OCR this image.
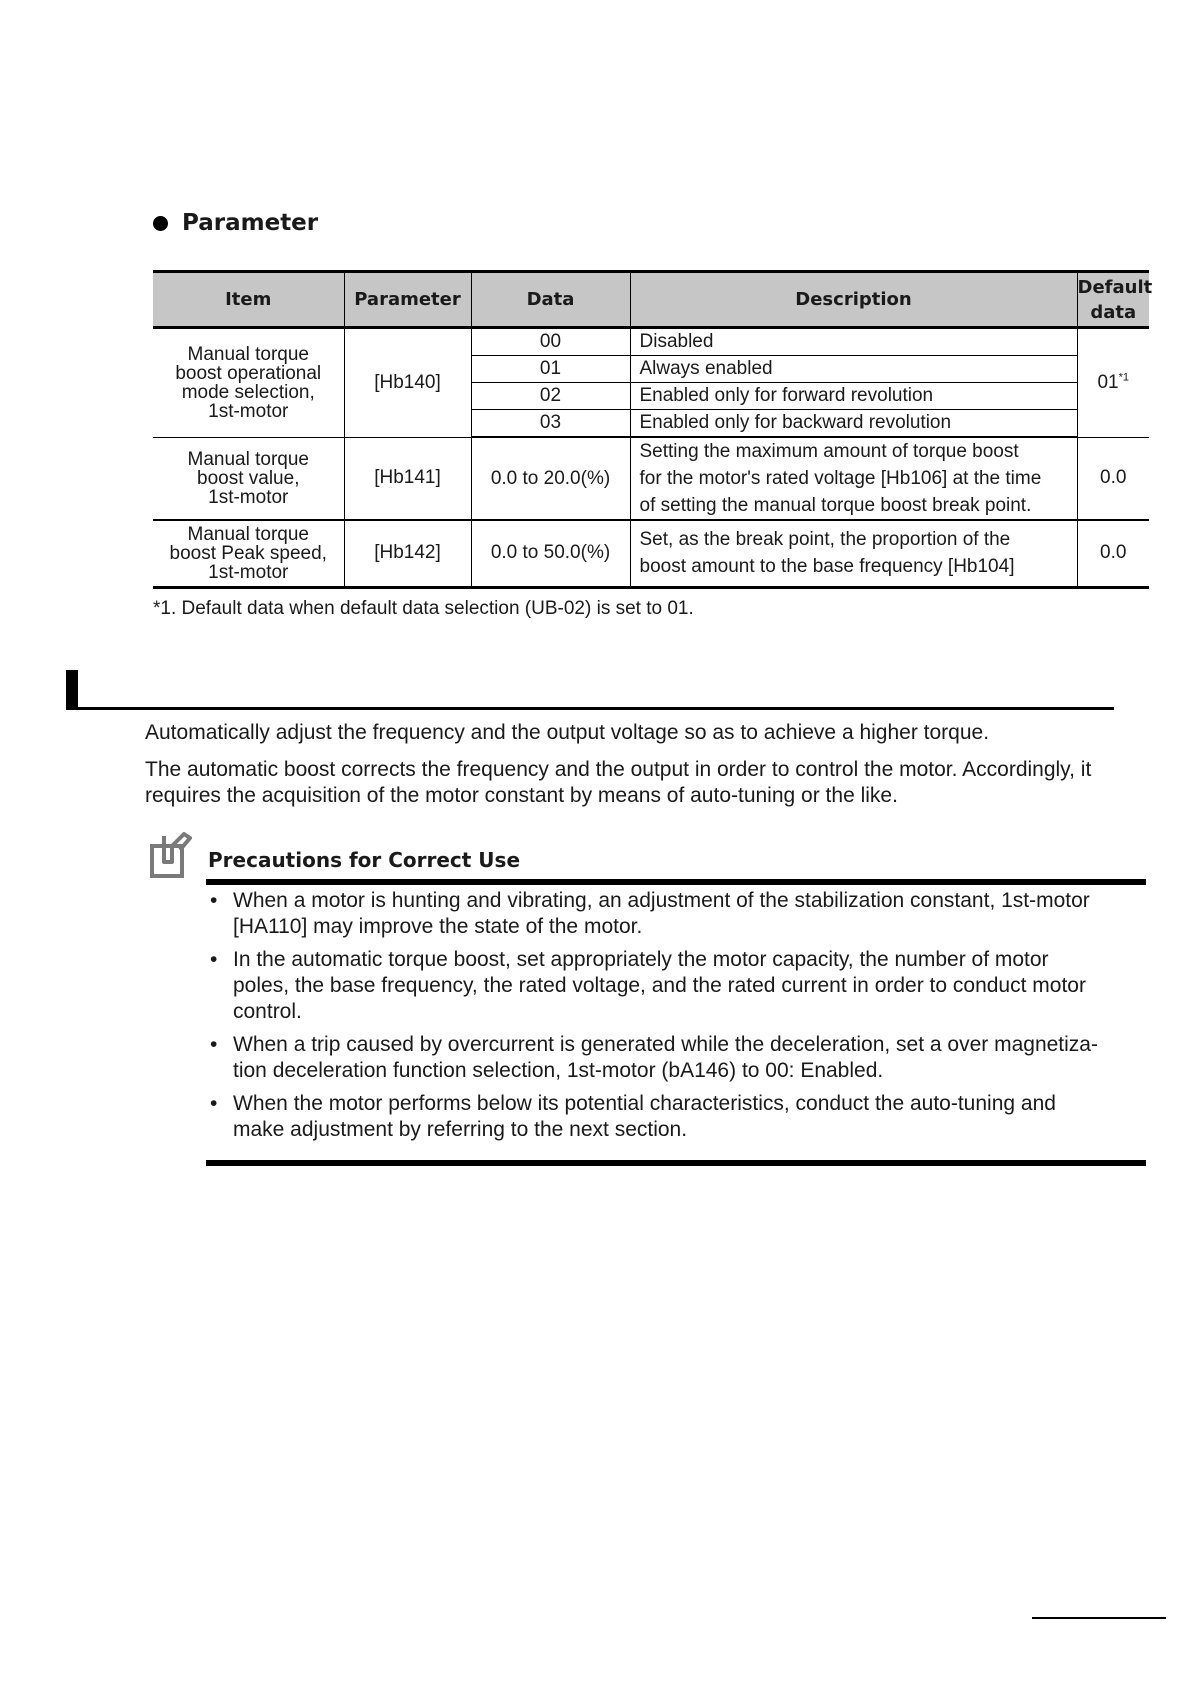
Parameter
Item	Parameter	Data	Description	Default
data
Manual torque
boost operational
mode selection,
1st-motor	[Hb140]	00	Disabled	01$^{*1}$
		01	Always enabled	
		02	Enabled only for forward revolution	
		03	Enabled only for backward revolution	
Manual torque
boost value,
1st-motor	[Hb141]	0.0 to 20.0(%)	Setting the maximum amount of torque boost
for the motor's rated voltage [Hb106] at the time
of setting the manual torque boost break point.	0.0
Manual torque
boost Peak speed,
1st-motor	[Hb142]	0.0 to 50.0(%)	Set, as the break point, the proportion of the
boost amount to the base frequency [Hb104]	0.0
*1. Default data when default data selection (UB-02) is set to 01.
Automatically adjust the frequency and the output voltage so as to achieve a higher torque.
The automatic boost corrects the frequency and the output in order to control the motor. Accordingly, it
requires the acquisition of the motor constant by means of auto-tuning or the like.
Precautions for Correct Use
• When a motor is hunting and vibrating, an adjustment of the stabilization constant, 1st-motor
[HA110] may improve the state of the motor.
• In the automatic torque boost, set appropriately the motor capacity, the number of motor
poles, the base frequency, the rated voltage, and the rated current in order to conduct motor
control.
• When a trip caused by overcurrent is generated while the deceleration, set a over magnetiza-
tion deceleration function selection, 1st-motor (bA146) to 00: Enabled.
• When the motor performs below its potential characteristics, conduct the auto-tuning and
make adjustment by referring to the next section.
